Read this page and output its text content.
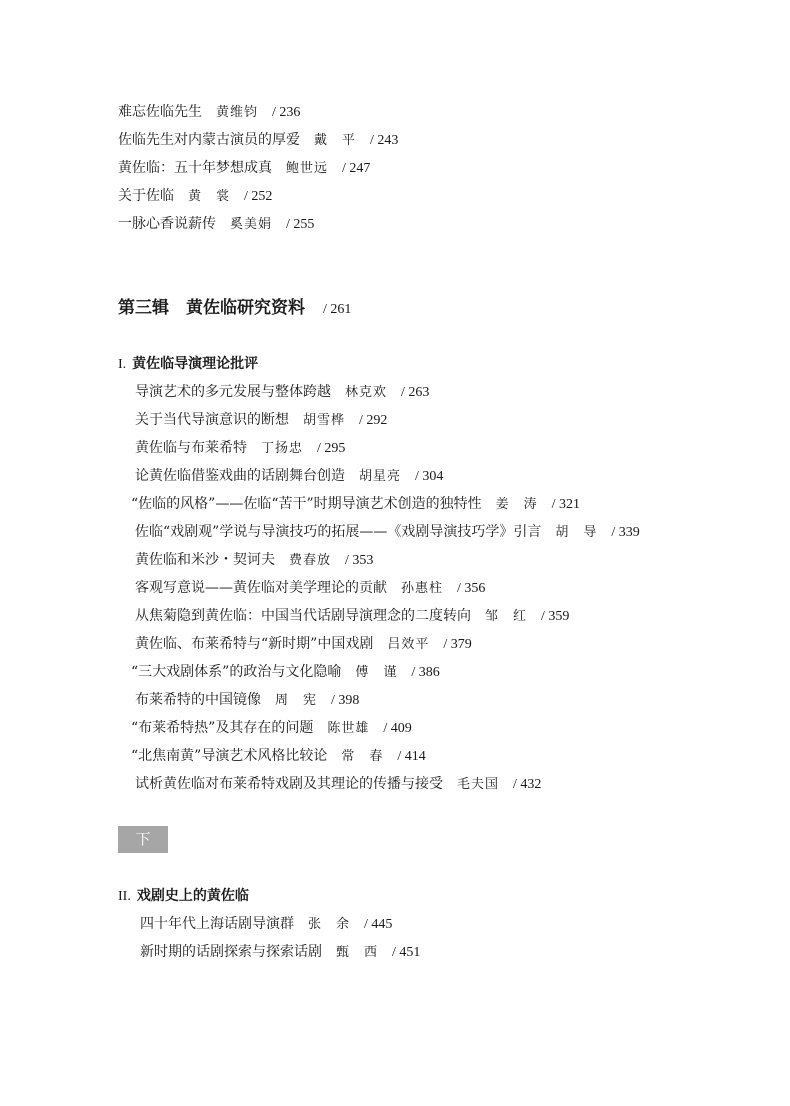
难忘佐临先生 黄维钧 / 236
佐临先生对内蒙古演员的厚爱 戴　平 / 243
黄佐临：五十年梦想成真 鲍世远 / 247
关于佐临 黄　裳 / 252
一脉心香说薪传 奚美娟 / 255
第三辑　黄佐临研究资料 / 261
I. 黄佐临导演理论批评
导演艺术的多元发展与整体跨越 林克欢 / 263
关于当代导演意识的断想 胡雪桦 / 292
黄佐临与布莱希特 丁扬忠 / 295
论黄佐临借鉴戏曲的话剧舞台创造 胡星亮 / 304
“佐临的风格”——佐临“苦干”时期导演艺术创造的独特性 姜　涛 / 321
佐临“戏剧观”学说与导演技巧的拓展——《戏剧导演技巧学》引言 胡　导 / 339
黄佐临和米沙・契诃夫 费春放 / 353
客观写意说——黄佐临对美学理论的贡献 孙惠柱 / 356
从焦菊隐到黄佐临：中国当代话剧导演理念的二度转向 邹　红 / 359
黄佐临、布莱希特与“新时期”中国戏剧 吕效平 / 379
“三大戏剧体系”的政治与文化隐喻 傅　谨 / 386
布莱希特的中国镜像 周　宪 / 398
“布莱希特热”及其存在的问题 陈世雄 / 409
“北焦南黄”导演艺术风格比较论 常　春 / 414
试析黄佐临对布莱希特戏剧及其理论的传播与接受 毛夫国 / 432
下
II. 戏剧史上的黄佐临
四十年代上海话剧导演群 张　余 / 445
新时期的话剧探索与探索话剧 甄　西 / 451
